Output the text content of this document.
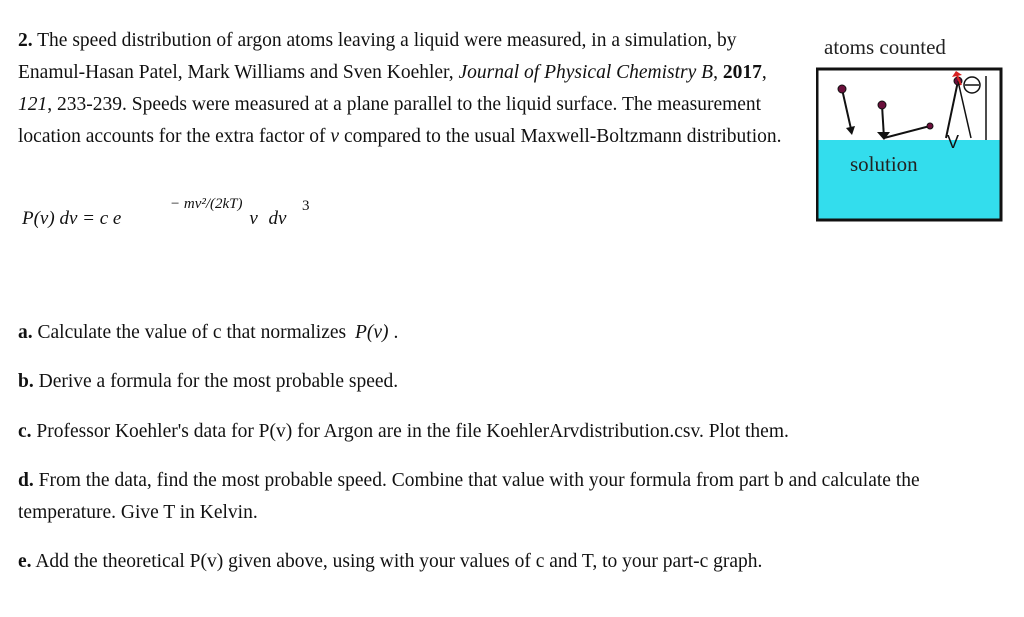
2. The speed distribution of argon atoms leaving a liquid were measured, in a simulation, by Enamul-Hasan Patel, Mark Williams and Sven Koehler, Journal of Physical Chemistry B, 2017, 121, 233-239. Speeds were measured at a plane parallel to the liquid surface. The measurement location accounts for the extra factor of v compared to the usual Maxwell-Boltzmann distribution.
P(v) dv = c e
− mv²/(2kT)
v
3
dv
atoms counted
solution
V
a. Calculate the value of c that normalizes P(v) .
b. Derive a formula for the most probable speed.
c. Professor Koehler's data for P(v) for Argon are in the file KoehlerArvdistribution.csv. Plot them.
d. From the data, find the most probable speed. Combine that value with your formula from part b and calculate the temperature. Give T in Kelvin.
e. Add the theoretical P(v) given above, using with your values of c and T, to your part-c graph.
